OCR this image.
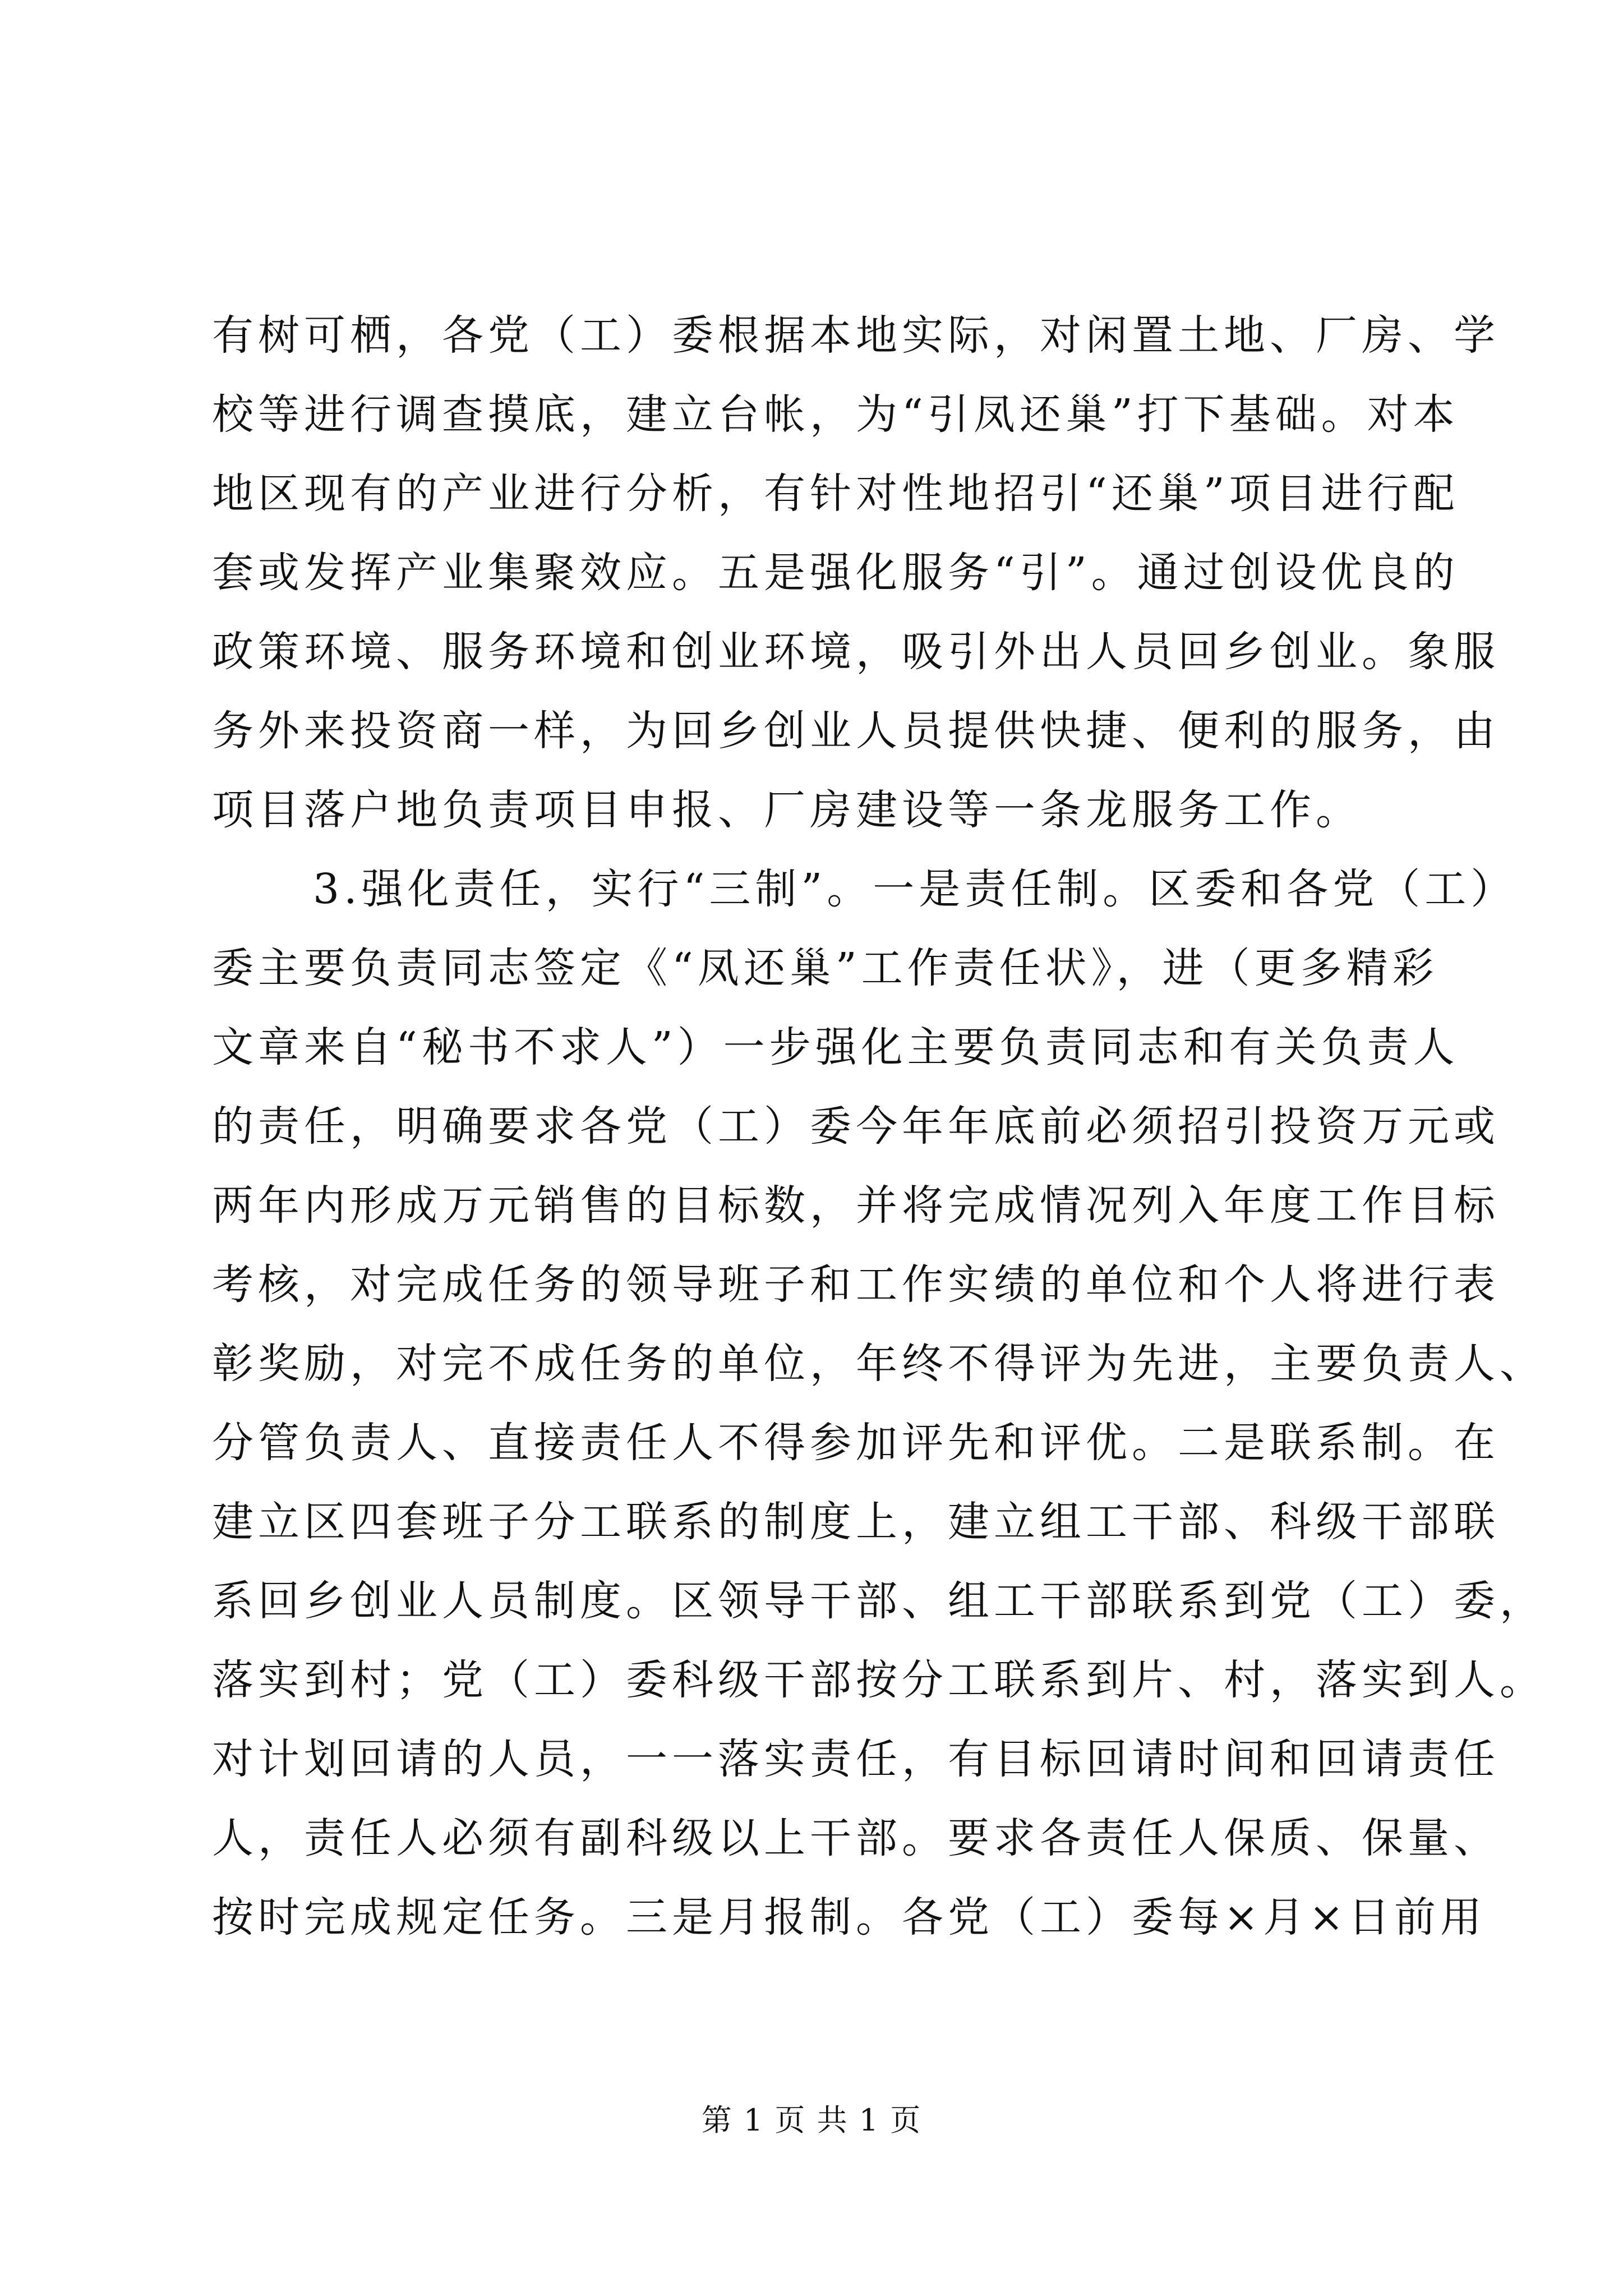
有树可栖，各党（工）委根据本地实际，对闲置土地、厂房、学
校等进行调查摸底，建立台帐，为“引凤还巢”打下基础。对本
地区现有的产业进行分析，有针对性地招引“还巢”项目进行配
套或发挥产业集聚效应。五是强化服务“引”。通过创设优良的
政策环境、服务环境和创业环境，吸引外出人员回乡创业。象服
务外来投资商一样，为回乡创业人员提供快捷、便利的服务，由
项目落户地负责项目申报、厂房建设等一条龙服务工作。
3.强化责任，实行“三制”。一是责任制。区委和各党（工）
委主要负责同志签定《“凤还巢”工作责任状》，进（更多精彩
文章来自“秘书不求人”）一步强化主要负责同志和有关负责人
的责任，明确要求各党（工）委今年年底前必须招引投资万元或
两年内形成万元销售的目标数，并将完成情况列入年度工作目标
考核，对完成任务的领导班子和工作实绩的单位和个人将进行表
彰奖励，对完不成任务的单位，年终不得评为先进，主要负责人、
分管负责人、直接责任人不得参加评先和评优。二是联系制。在
建立区四套班子分工联系的制度上，建立组工干部、科级干部联
系回乡创业人员制度。区领导干部、组工干部联系到党（工）委，
落实到村；党（工）委科级干部按分工联系到片、村，落实到人。
对计划回请的人员，一一落实责任，有目标回请时间和回请责任
人，责任人必须有副科级以上干部。要求各责任人保质、保量、
按时完成规定任务。三是月报制。各党（工）委每×月×日前用
第 1 页 共 1 页
